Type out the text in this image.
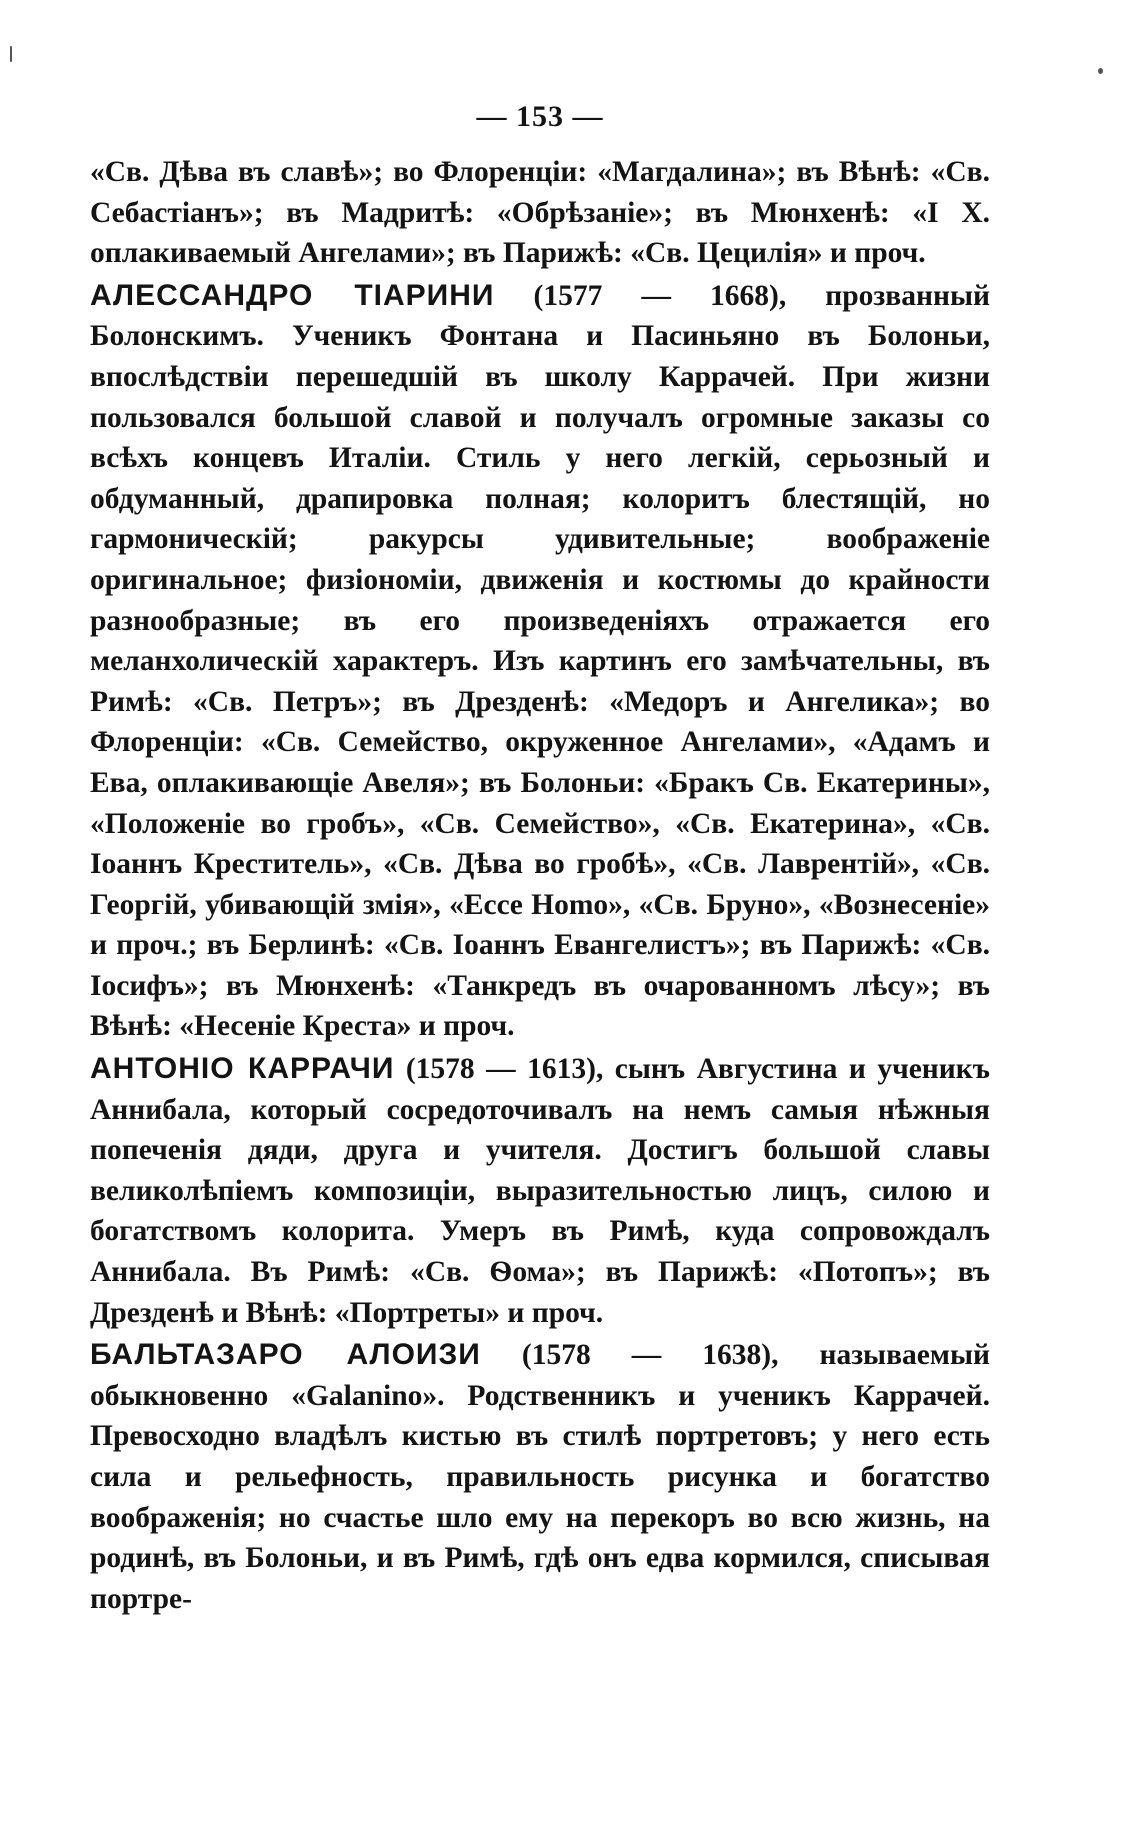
— 153 —

«Св. Дѣва въ славѣ»; во Флоренціи: «Магдалина»; въ Вѣнѣ: «Св. Себастіанъ»; въ Мадритѣ: «Обрѣзаніе»; въ Мюнхенѣ: «I X. оплакиваемый Ангелами»; въ Парижѣ: «Св. Цецилія» и проч.

АЛЕССАНДРО ТІАРИНИ (1577 — 1668), прозванный Болонскимъ. Ученикъ Фонтана и Пасиньяно въ Болоньи, впослѣдствіи перешедшій въ школу Каррачей. При жизни пользовался большой славой и получалъ огромные заказы со всѣхъ концевъ Италіи. Стиль у него легкій, серьозный и обдуманный, драпировка полная; колоритъ блестящій, но гармоническій; ракурсы удивительные; воображеніе оригинальное; физіономіи, движенія и костюмы до крайности разнообразные; въ его произведеніяхъ отражается его меланхолическій характеръ. Изъ картинъ его замѣчательны, въ Римѣ: «Св. Петръ»; въ Дрезденѣ: «Медоръ и Ангелика»; во Флоренціи: «Св. Семейство, окруженное Ангелами», «Адамъ и Ева, оплакивающіе Авеля»; въ Болоньи: «Бракъ Св. Екатерины», «Положеніе во гробъ», «Св. Семейство», «Св. Екатерина», «Св. Іоаннъ Креститель», «Св. Дѣва во гробѣ», «Св. Лаврентій», «Св. Георгій, убивающій змія», «Ecce Homo», «Св. Бруно», «Вознесеніе» и проч.; въ Берлинѣ: «Св. Іоаннъ Евангелистъ»; въ Парижѣ: «Св. Іосифъ»; въ Мюнхенѣ: «Танкредъ въ очарованномъ лѣсу»; въ Вѣнѣ: «Несеніе Креста» и проч.

АНТОНІО КАРРАЧИ (1578 — 1613), сынъ Августина и ученикъ Аннибала, который сосредоточивалъ на немъ самыя нѣжныя попеченія дяди, друга и учителя. Достигъ большой славы великолѣпіемъ композиціи, выразительностью лицъ, силою и богатствомъ колорита. Умеръ въ Римѣ, куда сопровождалъ Аннибала. Въ Римѣ: «Св. Ѳома»; въ Парижѣ: «Потопъ»; въ Дрезденѣ и Вѣнѣ: «Портреты» и проч.

БАЛЬТАЗАРО АЛОИЗИ (1578 — 1638), называемый обыкновенно «Galanino». Родственникъ и ученикъ Каррачей. Превосходно владѣлъ кистью въ стилѣ портретовъ; у него есть сила и рельефность, правильность рисунка и богатство воображенія; но счастье шло ему на перекоръ во всю жизнь, на родинѣ, въ Болоньи, и въ Римѣ, гдѣ онъ едва кормился, списывая портре-
